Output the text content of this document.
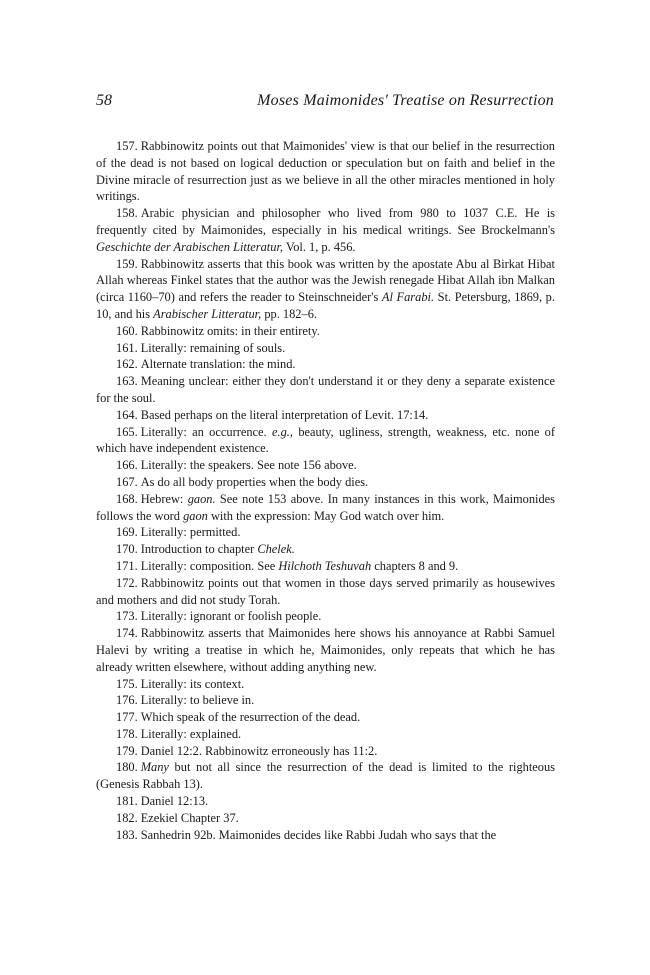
58	Moses Maimonides' Treatise on Resurrection

157. Rabbinowitz points out that Maimonides' view is that our belief in the resurrection of the dead is not based on logical deduction or speculation but on faith and belief in the Divine miracle of resurrection just as we believe in all the other miracles mentioned in holy writings.

158. Arabic physician and philosopher who lived from 980 to 1037 C.E. He is frequently cited by Maimonides, especially in his medical writings. See Brockelmann's Geschichte der Arabischen Litteratur, Vol. 1, p. 456.

159. Rabbinowitz asserts that this book was written by the apostate Abu al Birkat Hibat Allah whereas Finkel states that the author was the Jewish renegade Hibat Allah ibn Malkan (circa 1160–70) and refers the reader to Steinschneider's Al Farabi. St. Petersburg, 1869, p. 10, and his Arabischer Litteratur, pp. 182–6.

160. Rabbinowitz omits: in their entirety.

161. Literally: remaining of souls.

162. Alternate translation: the mind.

163. Meaning unclear: either they don't understand it or they deny a separate existence for the soul.

164. Based perhaps on the literal interpretation of Levit. 17:14.

165. Literally: an occurrence. e.g., beauty, ugliness, strength, weakness, etc. none of which have independent existence.

166. Literally: the speakers. See note 156 above.

167. As do all body properties when the body dies.

168. Hebrew: gaon. See note 153 above. In many instances in this work, Maimonides follows the word gaon with the expression: May God watch over him.

169. Literally: permitted.

170. Introduction to chapter Chelek.

171. Literally: composition. See Hilchoth Teshuvah chapters 8 and 9.

172. Rabbinowitz points out that women in those days served primarily as housewives and mothers and did not study Torah.

173. Literally: ignorant or foolish people.

174. Rabbinowitz asserts that Maimonides here shows his annoyance at Rabbi Samuel Halevi by writing a treatise in which he, Maimonides, only repeats that which he has already written elsewhere, without adding anything new.

175. Literally: its context.

176. Literally: to believe in.

177. Which speak of the resurrection of the dead.

178. Literally: explained.

179. Daniel 12:2. Rabbinowitz erroneously has 11:2.

180. Many but not all since the resurrection of the dead is limited to the righteous (Genesis Rabbah 13).

181. Daniel 12:13.

182. Ezekiel Chapter 37.

183. Sanhedrin 92b. Maimonides decides like Rabbi Judah who says that the
